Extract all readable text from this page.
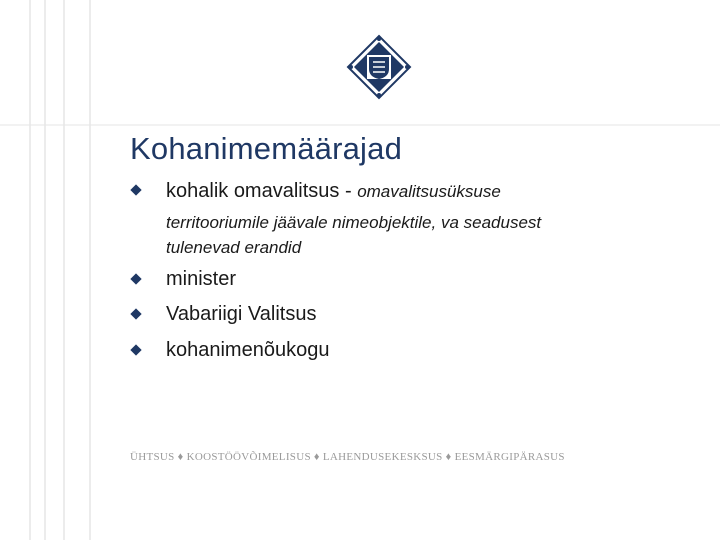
Kohanimemäärajad
kohalik omavalitsus - omavalitsusüksuse
territooriumile jäävale nimeobjektile, va seadusest
tulenevad erandid
minister
Vabariigi Valitsus
kohanimenõukogu
ÜHTSUS ♦ KOOSTÖÖVÕIMELISUS ♦ LAHENDUSEKESKSUS ♦ EESMÄRGIPÄRASUS
